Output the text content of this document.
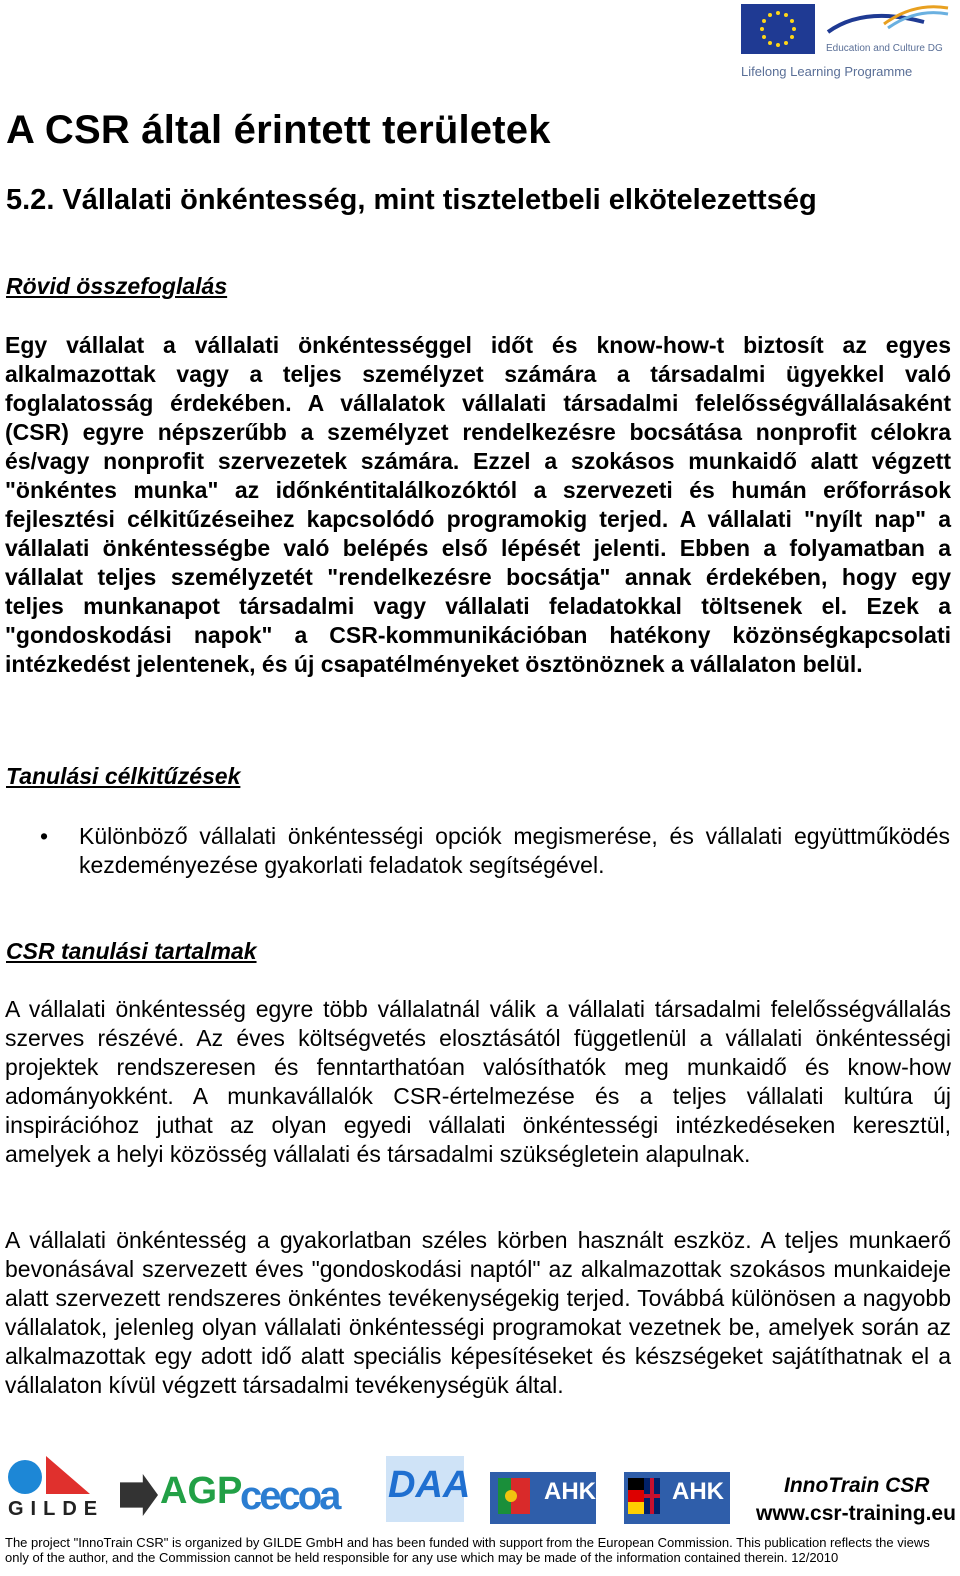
Education and Culture DG
Lifelong Learning Programme
A CSR által érintett területek
5.2. Vállalati önkéntesség, mint tiszteletbeli elkötelezettség
Rövid összefoglalás

Egy vállalat a vállalati önkéntességgel időt és know-how-t biztosít az egyes alkalmazottak vagy a teljes személyzet számára a társadalmi ügyekkel való foglalatosság érdekében. A vállalatok vállalati társadalmi felelősségvállalásaként (CSR) egyre népszerűbb a személyzet rendelkezésre bocsátása nonprofit célokra és/vagy nonprofit szervezetek számára. Ezzel a szokásos munkaidő alatt végzett "önkéntes munka" az időnkéntitalálkozóktól a szervezeti és humán erőforrások fejlesztési célkitűzéseihez kapcsolódó programokig terjed. A vállalati "nyílt nap" a vállalati önkéntességbe való belépés első lépését jelenti. Ebben a folyamatban a vállalat teljes személyzetét "rendelkezésre bocsátja" annak érdekében, hogy egy teljes munkanapot társadalmi vagy vállalati feladatokkal töltsenek el. Ezek a "gondoskodási napok" a CSR-kommunikációban hatékony közönségkapcsolati intézkedést jelentenek, és új csapatélményeket ösztönöznek a vállalaton belül.

Tanulási célkitűzések
• Különböző vállalati önkéntességi opciók megismerése, és vállalati együttműködés kezdeményezése gyakorlati feladatok segítségével.

CSR tanulási tartalmak

A vállalati önkéntesség egyre több vállalatnál válik a vállalati társadalmi felelősségvállalás szerves részévé. Az éves költségvetés elosztásától függetlenül a vállalati önkéntességi projektek rendszeresen és fenntarthatóan valósíthatók meg munkaidő és know-how adományokként. A munkavállalók CSR-értelmezése és a teljes vállalati kultúra új inspirációhoz juthat az olyan egyedi vállalati önkéntességi intézkedéseken keresztül, amelyek a helyi közösség vállalati és társadalmi szükségletein alapulnak.

A vállalati önkéntesség a gyakorlatban széles körben használt eszköz. A teljes munkaerő bevonásával szervezett éves "gondoskodási naptól" az alkalmazottak szokásos munkaideje alatt szervezett rendszeres önkéntes tevékenységekig terjed. Továbbá különösen a nagyobb vállalatok, jelenleg olyan vállalati önkéntességi programokat vezetnek be, amelyek során az alkalmazottak egy adott idő alatt speciális képesítéseket és készségeket sajátíthatnak el a vállalaton kívül végzett társadalmi tevékenységük által.

GILDE AGP
cecoa DAA	AHK	AHK	InnoTrain CSR
www.csr-training.eu

The project "InnoTrain CSR" is organized by GILDE GmbH and has been funded with support from the European Commission. This publication reflects the views only of the author, and the Commission cannot be held responsible for any use which may be made of the information contained therein. 12/2010
